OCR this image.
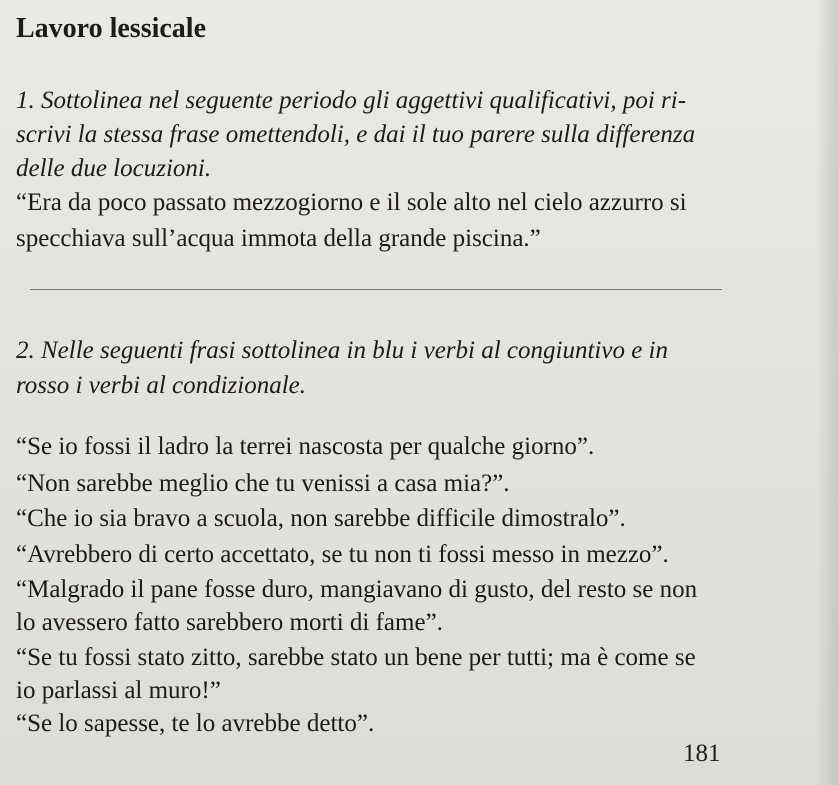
Lavoro lessicale
1. Sottolinea nel seguente periodo gli aggettivi qualificativi, poi ri-
scrivi la stessa frase omettendoli, e dai il tuo parere sulla differenza
delle due locuzioni.
“Era da poco passato mezzogiorno e il sole alto nel cielo azzurro si
specchiava sull’acqua immota della grande piscina.”
2. Nelle seguenti frasi sottolinea in blu i verbi al congiuntivo e in
rosso i verbi al condizionale.
“Se io fossi il ladro la terrei nascosta per qualche giorno”.
“Non sarebbe meglio che tu venissi a casa mia?”.
“Che io sia bravo a scuola, non sarebbe difficile dimostralo”.
“Avrebbero di certo accettato, se tu non ti fossi messo in mezzo”.
“Malgrado il pane fosse duro, mangiavano di gusto, del resto se non
lo avessero fatto sarebbero morti di fame”.
“Se tu fossi stato zitto, sarebbe stato un bene per tutti; ma è come se
io parlassi al muro!”
“Se lo sapesse, te lo avrebbe detto”.
181
